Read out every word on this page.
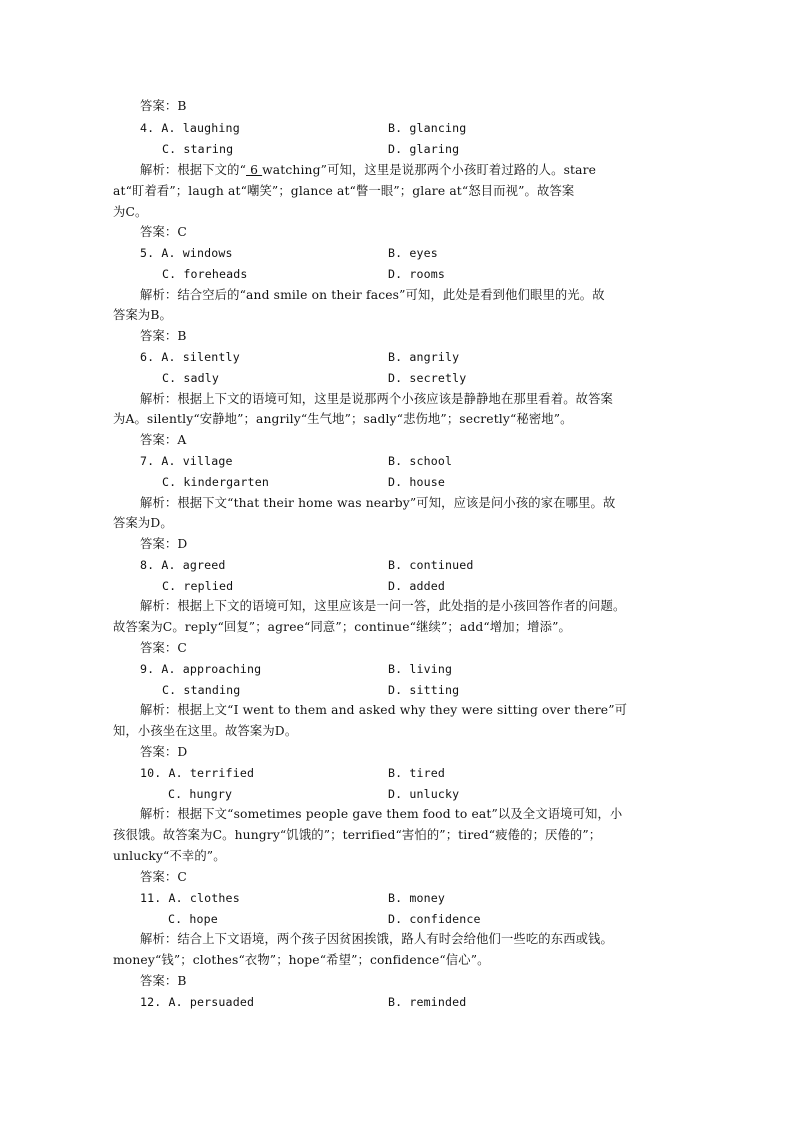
答案：B
4. A. laughing	B. glancing
C. staring	D. glaring
解析：根据下文的“ 6 watching”可知，这里是说那两个小孩盯着过路的人。stare
at“盯着看”；laugh at“嘲笑”；glance at“瞥一眼”；glare at“怒目而视”。故答案
为C。
答案：C
5. A. windows	B. eyes
C. foreheads	D. rooms
解析：结合空后的“and smile on their faces”可知，此处是看到他们眼里的光。故
答案为B。
答案：B
6. A. silently	B. angrily
C. sadly	D. secretly
解析：根据上下文的语境可知，这里是说那两个小孩应该是静静地在那里看着。故答案
为A。silently“安静地”；angrily“生气地”；sadly“悲伤地”；secretly“秘密地”。
答案：A
7. A. village	B. school
C. kindergarten	D. house
解析：根据下文“that their home was nearby”可知，应该是问小孩的家在哪里。故
答案为D。
答案：D
8. A. agreed	B. continued
C. replied	D. added
解析：根据上下文的语境可知，这里应该是一问一答，此处指的是小孩回答作者的问题。
故答案为C。reply“回复”；agree“同意”；continue“继续”；add“增加；增添”。
答案：C
9. A. approaching	B. living
C. standing	D. sitting
解析：根据上文“I went to them and asked why they were sitting over there”可
知，小孩坐在这里。故答案为D。
答案：D
10. A. terrified	B. tired
C. hungry	D. unlucky
解析：根据下文“sometimes people gave them food to eat”以及全文语境可知，小
孩很饿。故答案为C。hungry“饥饿的”；terrified“害怕的”；tired“疲倦的；厌倦的”；
unlucky“不幸的”。
答案：C
11. A. clothes	B. money
C. hope	D. confidence
解析：结合上下文语境，两个孩子因贫困挨饿，路人有时会给他们一些吃的东西或钱。
money“钱”；clothes“衣物”；hope“希望”；confidence“信心”。
答案：B
12. A. persuaded	B. reminded
